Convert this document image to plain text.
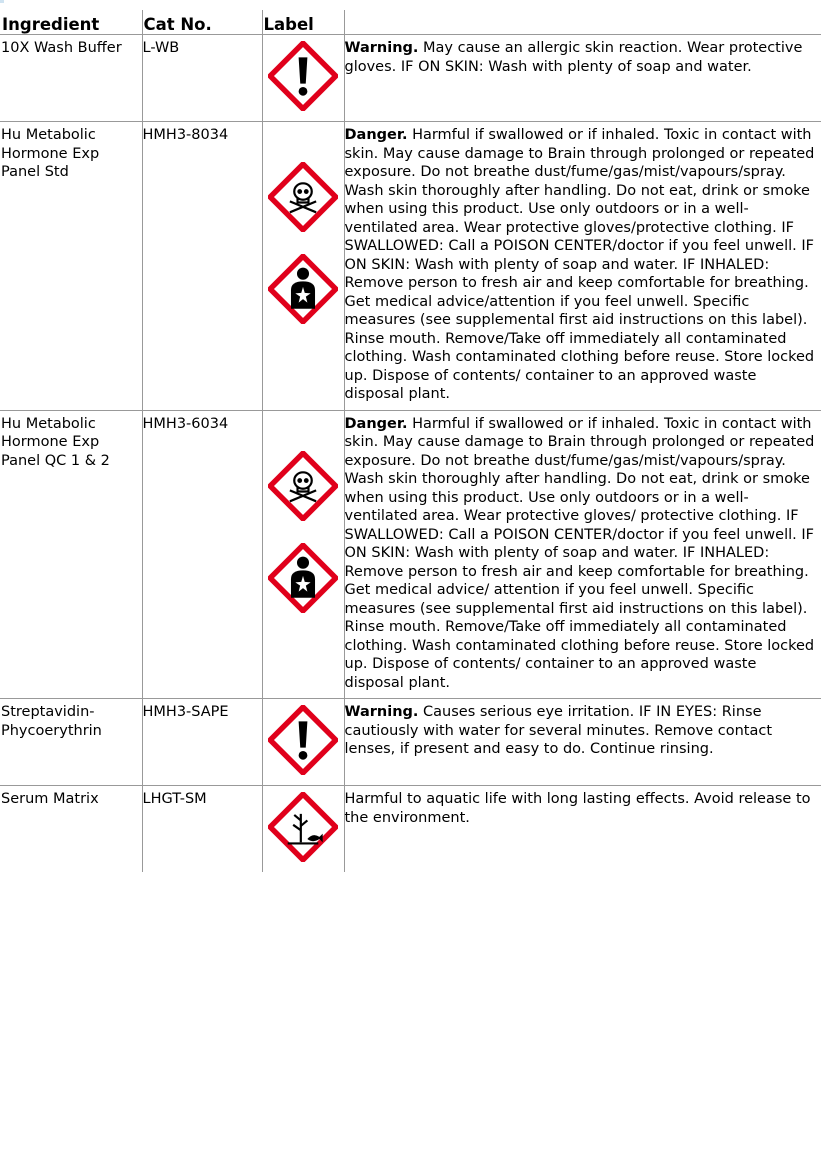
Ingredient	Cat No.	Label	
10X Wash Buffer	L-WB		Warning. May cause an allergic skin reaction. Wear protective gloves. IF ON SKIN: Wash with plenty of soap and water.
Hu Metabolic Hormone Exp Panel Std	HMH3-8034		Danger. Harmful if swallowed or if inhaled. Toxic in contact with skin. May cause damage to Brain through prolonged or repeated exposure. Do not breathe dust/fume/gas/mist/vapours/spray. Wash skin thoroughly after handling. Do not eat, drink or smoke when using this product. Use only outdoors or in a well-ventilated area. Wear protective gloves/protective clothing. IF SWALLOWED: Call a POISON CENTER/doctor if you feel unwell. IF ON SKIN: Wash with plenty of soap and water. IF INHALED: Remove person to fresh air and keep comfortable for breathing. Get medical advice/attention if you feel unwell. Specific measures (see supplemental first aid instructions on this label). Rinse mouth. Remove/Take off immediately all contaminated clothing. Wash contaminated clothing before reuse. Store locked up. Dispose of contents/ container to an approved waste disposal plant.
Hu Metabolic Hormone Exp Panel QC 1 & 2	HMH3-6034		Danger. Harmful if swallowed or if inhaled. Toxic in contact with skin. May cause damage to Brain through prolonged or repeated exposure. Do not breathe dust/fume/gas/mist/vapours/spray. Wash skin thoroughly after handling. Do not eat, drink or smoke when using this product. Use only outdoors or in a well-ventilated area. Wear protective gloves/ protective clothing. IF SWALLOWED: Call a POISON CENTER/doctor if you feel unwell. IF ON SKIN: Wash with plenty of soap and water. IF INHALED: Remove person to fresh air and keep comfortable for breathing. Get medical advice/ attention if you feel unwell. Specific measures (see supplemental first aid instructions on this label). Rinse mouth. Remove/Take off immediately all contaminated clothing. Wash contaminated clothing before reuse. Store locked up. Dispose of contents/ container to an approved waste disposal plant.
Streptavidin-Phycoerythrin	HMH3-SAPE		Warning. Causes serious eye irritation. IF IN EYES: Rinse cautiously with water for several minutes. Remove contact lenses, if present and easy to do. Continue rinsing.
Serum Matrix	LHGT-SM		Harmful to aquatic life with long lasting effects. Avoid release to the environment.
